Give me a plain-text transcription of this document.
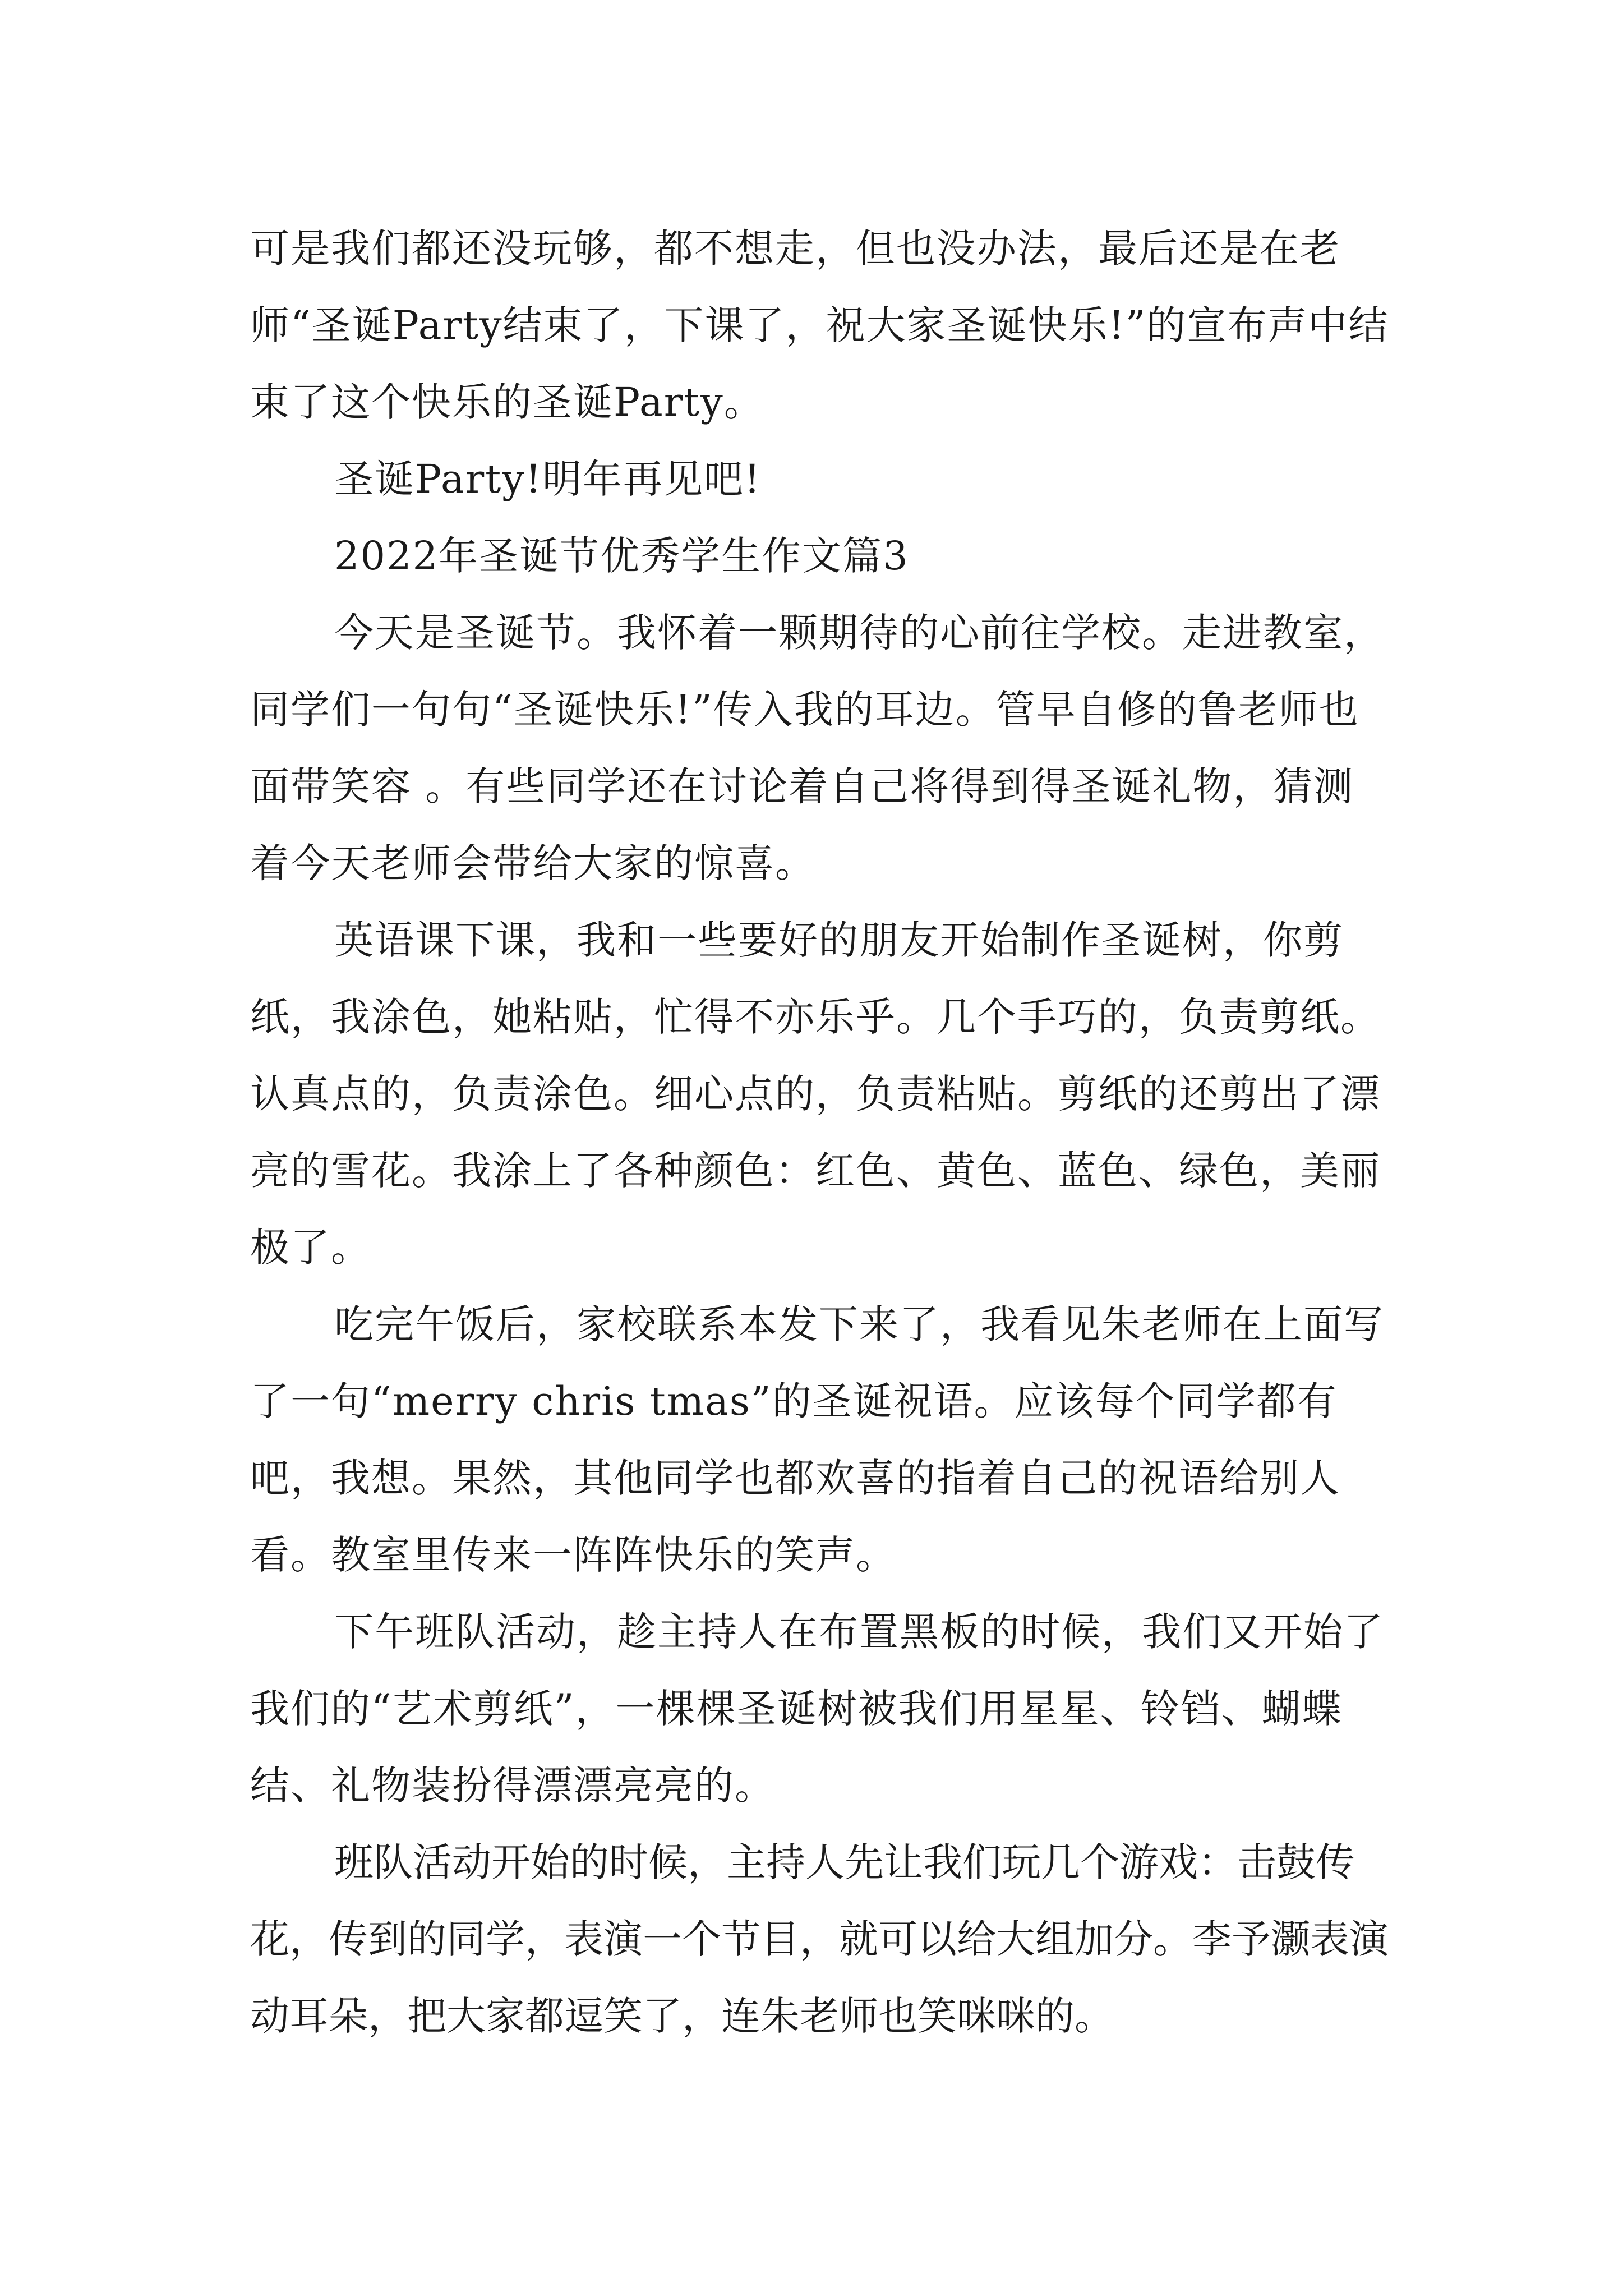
可是我们都还没玩够，都不想走，但也没办法，最后还是在老师“圣诞Party结束了，下课了，祝大家圣诞快乐!”的宣布声中结束了这个快乐的圣诞Party。

圣诞Party!明年再见吧!

2022年圣诞节优秀学生作文篇3

今天是圣诞节。我怀着一颗期待的心前往学校。走进教室，同学们一句句“圣诞快乐!”传入我的耳边。管早自修的鲁老师也面带笑容 。有些同学还在讨论着自己将得到得圣诞礼物，猜测着今天老师会带给大家的惊喜。

英语课下课，我和一些要好的朋友开始制作圣诞树，你剪纸，我涂色，她粘贴，忙得不亦乐乎。几个手巧的，负责剪纸。认真点的，负责涂色。细心点的，负责粘贴。剪纸的还剪出了漂亮的雪花。我涂上了各种颜色：红色、黄色、蓝色、绿色，美丽极了。

吃完午饭后，家校联系本发下来了，我看见朱老师在上面写了一句“merry chris tmas”的圣诞祝语。应该每个同学都有吧，我想。果然，其他同学也都欢喜的指着自己的祝语给别人看。教室里传来一阵阵快乐的笑声。

下午班队活动，趁主持人在布置黑板的时候，我们又开始了我们的“艺术剪纸”，一棵棵圣诞树被我们用星星、铃铛、蝴蝶结、礼物装扮得漂漂亮亮的。

班队活动开始的时候，主持人先让我们玩几个游戏：击鼓传花，传到的同学，表演一个节目，就可以给大组加分。李予灏表演动耳朵，把大家都逗笑了，连朱老师也笑咪咪的。
